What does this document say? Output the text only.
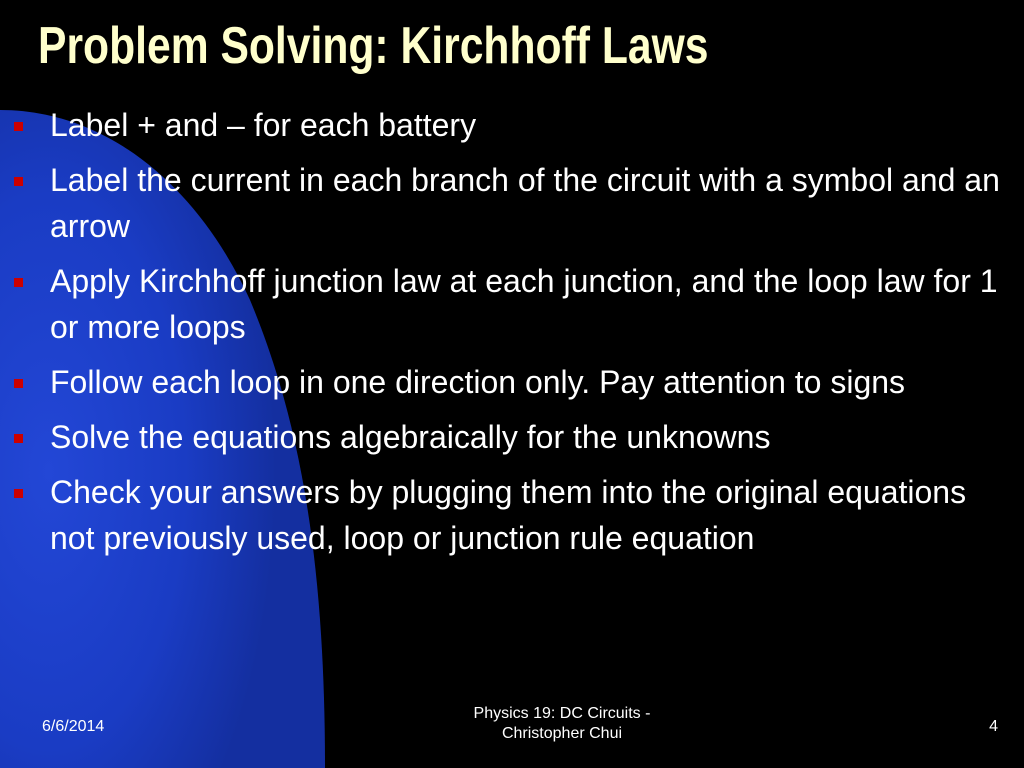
Problem Solving: Kirchhoff Laws
Label + and – for each battery
Label the current in each branch of the circuit with a symbol and an arrow
Apply Kirchhoff junction law at each junction, and the loop law for 1 or more loops
Follow each loop in one direction only. Pay attention to signs
Solve the equations algebraically for the unknowns
Check your answers by plugging them into the original equations not previously used, loop or junction rule equation
6/6/2014
Physics 19: DC Circuits -
Christopher Chui	4
